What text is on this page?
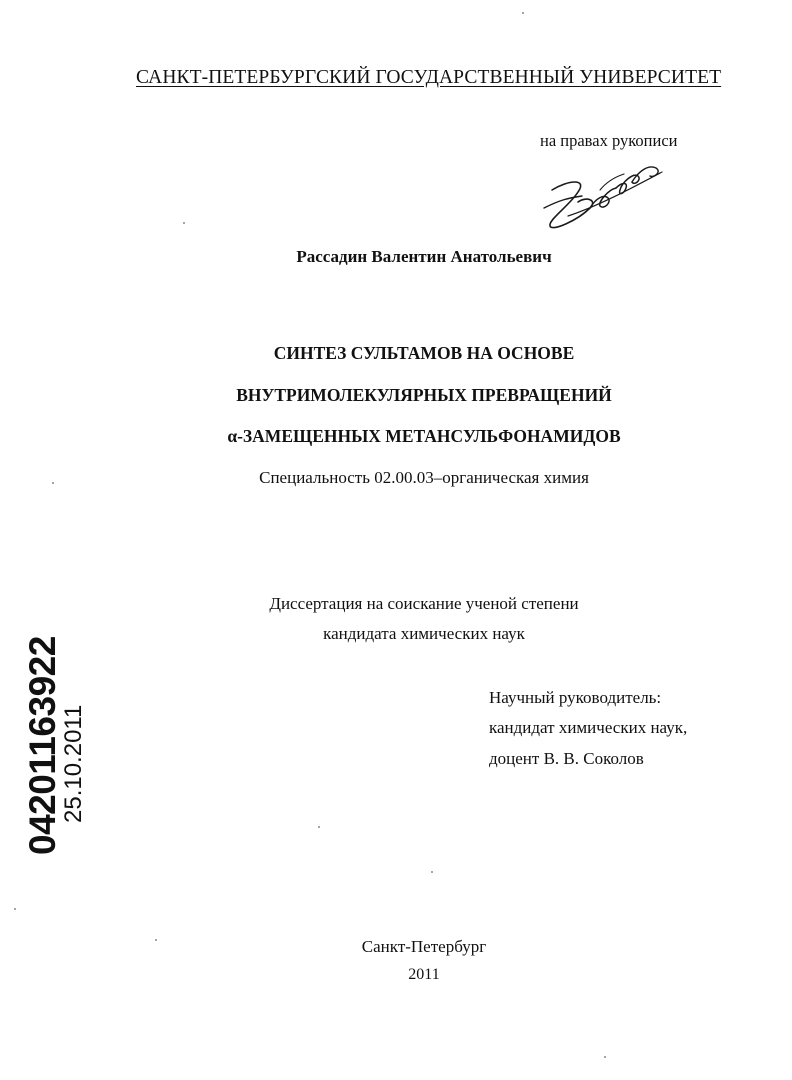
САНКТ-ПЕТЕРБУРГСКИЙ ГОСУДАРСТВЕННЫЙ УНИВЕРСИТЕТ
на правах рукописи
Рассадин Валентин Анатольевич
СИНТЕЗ СУЛЬТАМОВ НА ОСНОВЕ
ВНУТРИМОЛЕКУЛЯРНЫХ ПРЕВРАЩЕНИЙ
α-ЗАМЕЩЕННЫХ МЕТАНСУЛЬФОНАМИДОВ
Специальность 02.00.03–органическая химия
Диссертация на соискание ученой степени
кандидата химических наук
Научный руководитель:
кандидат химических наук,
доцент В. В. Соколов
04201163922
25.10.2011
Санкт-Петербург
2011
